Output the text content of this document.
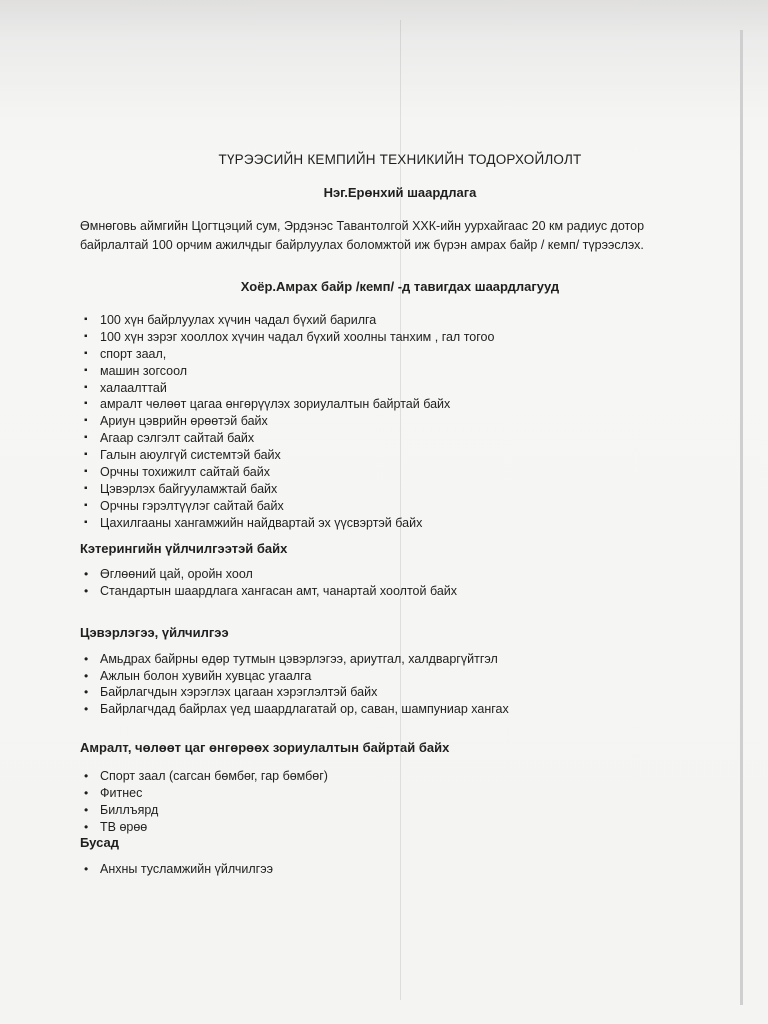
ТҮРЭЭСИЙН КЕМПИЙН ТЕХНИКИЙН ТОДОРХОЙЛОЛТ
Нэг.Ерөнхий шаардлага
Өмнөговь аймгийн Цогтцэций сум, Эрдэнэс Тавантолгой ХХК-ийн уурхайгаас 20 км радиус дотор байрлалтай 100 орчим ажилчдыг байрлуулах боломжтой иж бүрэн амрах байр / кемп/ түрээслэх.
Хоёр.Амрах байр /кемп/ -д тавигдах шаардлагууд
▪ 100 хүн байрлуулах хүчин чадал бүхий барилга
▪ 100 хүн зэрэг хооллох хүчин чадал бүхий хоолны танхим , гал тогоо
▪ спорт заал,
▪ машин зогсоол
▪ халаалттай
▪ амралт чөлөөт цагаа өнгөрүүлэх зориулалтын байртай байх
▪ Ариун цэврийн өрөөтэй байх
▪ Агаар сэлгэлт сайтай байх
▪ Галын аюулгүй системтэй байх
▪ Орчны тохижилт сайтай байх
▪ Цэвэрлэх байгууламжтай байх
▪ Орчны гэрэлтүүлэг сайтай байх
▪ Цахилгааны хангамжийн найдвартай эх үүсвэртэй байх
Кэтерингийн үйлчилгээтэй байх
• Өглөөний цай, оройн хоол
• Стандартын шаардлага хангасан амт, чанартай хоолтой байх
Цэвэрлэгээ, үйлчилгээ
• Амьдрах байрны өдөр тутмын цэвэрлэгээ, ариутгал, халдваргүйтгэл
• Ажлын болон хувийн хувцас угаалга
• Байрлагчдын хэрэглэх цагаан хэрэглэлтэй байх
• Байрлагчдад байрлах үед шаардлагатай ор, саван, шампуниар хангах
Амралт, чөлөөт цаг өнгөрөөх зориулалтын байртай байх
• Спорт заал (сагсан бөмбөг, гар бөмбөг)
• Фитнес
• Биллъярд
• ТВ өрөө
Бусад
• Анхны тусламжийн үйлчилгээ
